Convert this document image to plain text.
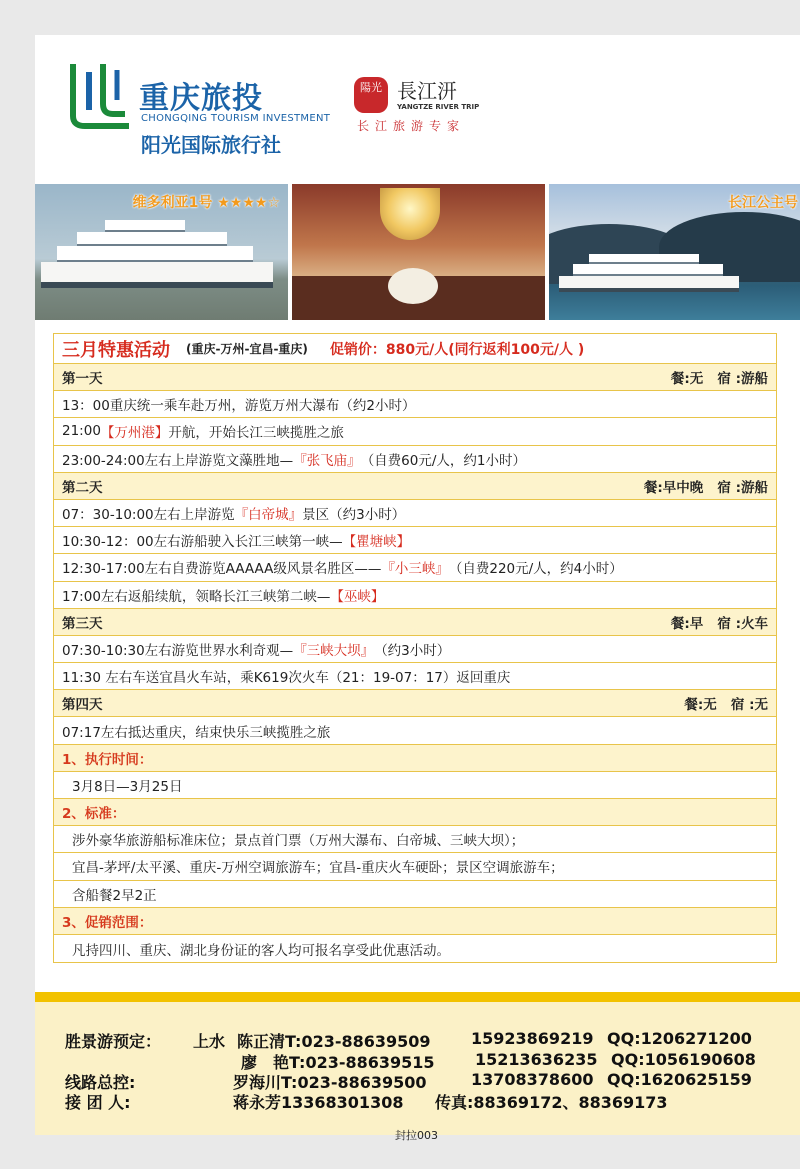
重庆旅投
CHONGQING TOURISM INVESTMENT
阳光国际旅行社
陽光 長江汧
YANGTZE RIVER TRIP
长江旅游专家
维多利亚1号 ★★★★☆	长江公主号
三月特惠活动 (重庆-万州-宜昌-重庆) 促销价：880元/人(同行返利100元/人 )
第一天	餐:无 宿 :游船
13：00重庆统一乘车赴万州，游览万州大瀑布（约2小时）
21:00 【万州港】 开航，开始长江三峡揽胜之旅
23:00-24:00左右上岸游览文藻胜地— 『张飞庙』 （自费60元/人，约1小时）
第二天	餐:早中晚 宿 :游船
07：30-10:00左右上岸游览 『白帝城』 景区（约3小时）
10:30-12：00左右游船驶入长江三峡第一峡— 【瞿塘峡】
12:30-17:00左右自费游览AAAAA级风景名胜区—— 『小三峡』 （自费220元/人，约4小时）
17:00左右返船续航，领略长江三峡第二峡— 【巫峡】
第三天	餐:早 宿 :火车
07:30-10:30左右游览世界水利奇观— 『三峡大坝』 （约3小时）
11:30 左右车送宜昌火车站，乘K619次火车（21：19-07：17）返回重庆
第四天	餐:无 宿 :无
07:17左右抵达重庆，结束快乐三峡揽胜之旅
1、执行时间：
3月8日—3月25日
2、标准：
涉外豪华旅游船标准床位；景点首门票（万州大瀑布、白帝城、三峡大坝）；
宜昌-茅坪/太平溪、重庆-万州空调旅游车；宜昌-重庆火车硬卧；景区空调旅游车；
含船餐2早2正
3、促销范围：
凡持四川、重庆、湖北身份证的客人均可报名享受此优惠活动。
胜景游预定： 上水 陈正清T:023-88639509	15923869219 QQ:1206271200
廖　艳T:023-88639515	15213636235 QQ:1056190608
线路总控:	罗海川T:023-88639500	13708378600 QQ:1620625159
接 团 人:	蒋永芳13368301308 传真:88369172、88369173
封拉003
